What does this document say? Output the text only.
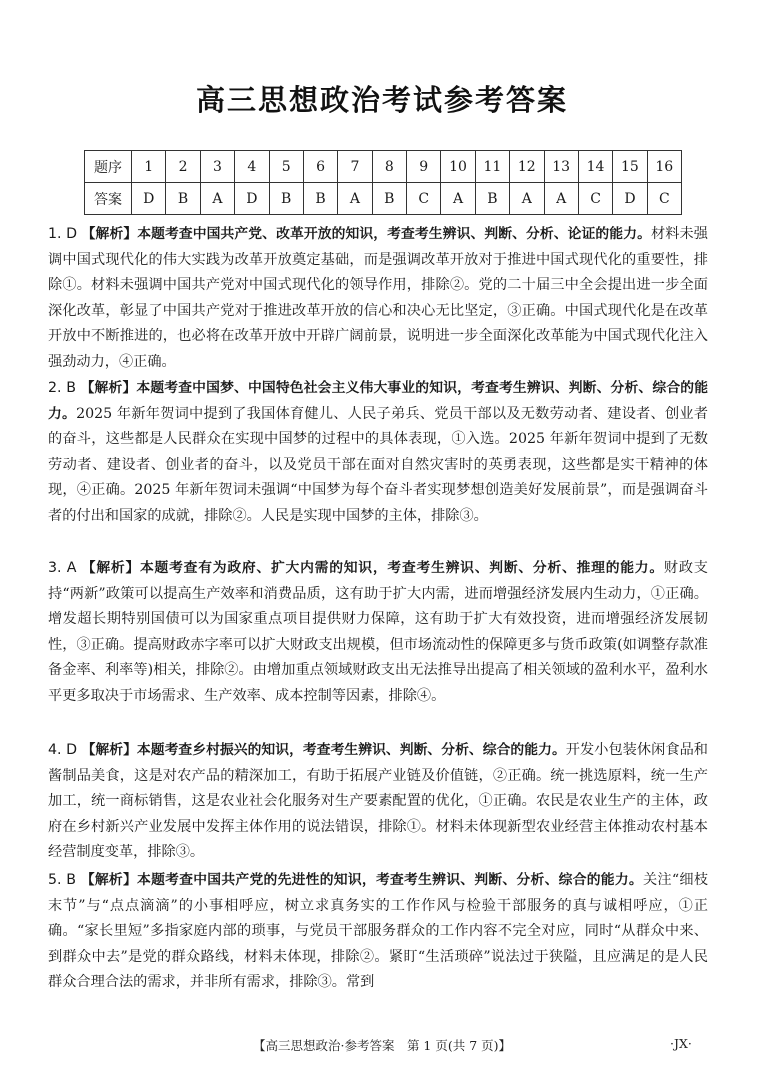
高三思想政治考试参考答案
题序	1	2	3	4	5	6	7	8	9	10	11	12	13	14	15	16
答案	D	B	A	D	B	B	A	B	C	A	B	A	A	C	D	C
1. D 【解析】本题考查中国共产党、改革开放的知识，考查考生辨识、判断、分析、论证的能力。材料未强调中国式现代化的伟大实践为改革开放奠定基础，而是强调改革开放对于推进中国式现代化的重要性，排除①。材料未强调中国共产党对中国式现代化的领导作用，排除②。党的二十届三中全会提出进一步全面深化改革，彰显了中国共产党对于推进改革开放的信心和决心无比坚定，③正确。中国式现代化是在改革开放中不断推进的，也必将在改革开放中开辟广阔前景，说明进一步全面深化改革能为中国式现代化注入强劲动力，④正确。
2. B 【解析】本题考查中国梦、中国特色社会主义伟大事业的知识，考查考生辨识、判断、分析、综合的能力。2025 年新年贺词中提到了我国体育健儿、人民子弟兵、党员干部以及无数劳动者、建设者、创业者的奋斗，这些都是人民群众在实现中国梦的过程中的具体表现，①入选。2025 年新年贺词中提到了无数劳动者、建设者、创业者的奋斗，以及党员干部在面对自然灾害时的英勇表现，这些都是实干精神的体现，④正确。2025 年新年贺词未强调“中国梦为每个奋斗者实现梦想创造美好发展前景”，而是强调奋斗者的付出和国家的成就，排除②。人民是实现中国梦的主体，排除③。
3. A 【解析】本题考查有为政府、扩大内需的知识，考查考生辨识、判断、分析、推理的能力。财政支持“两新”政策可以提高生产效率和消费品质，这有助于扩大内需，进而增强经济发展内生动力，①正确。增发超长期特别国债可以为国家重点项目提供财力保障，这有助于扩大有效投资，进而增强经济发展韧性，③正确。提高财政赤字率可以扩大财政支出规模，但市场流动性的保障更多与货币政策(如调整存款准备金率、利率等)相关，排除②。由增加重点领域财政支出无法推导出提高了相关领域的盈利水平，盈利水平更多取决于市场需求、生产效率、成本控制等因素，排除④。
4. D 【解析】本题考查乡村振兴的知识，考查考生辨识、判断、分析、综合的能力。开发小包装休闲食品和酱制品美食，这是对农产品的精深加工，有助于拓展产业链及价值链，②正确。统一挑选原料，统一生产加工，统一商标销售，这是农业社会化服务对生产要素配置的优化，①正确。农民是农业生产的主体，政府在乡村新兴产业发展中发挥主体作用的说法错误，排除①。材料未体现新型农业经营主体推动农村基本经营制度变革，排除③。
5. B 【解析】本题考查中国共产党的先进性的知识，考查考生辨识、判断、分析、综合的能力。关注“细枝末节”与“点点滴滴”的小事相呼应，树立求真务实的工作作风与检验干部服务的真与诚相呼应，①正确。“家长里短”多指家庭内部的琐事，与党员干部服务群众的工作内容不完全对应，同时“从群众中来、到群众中去”是党的群众路线，材料未体现，排除②。紧盯“生活琐碎”说法过于狭隘，且应满足的是人民群众合理合法的需求，并非所有需求，排除③。常到
【高三思想政治·参考答案　第 1 页(共 7 页)】	·JX·
